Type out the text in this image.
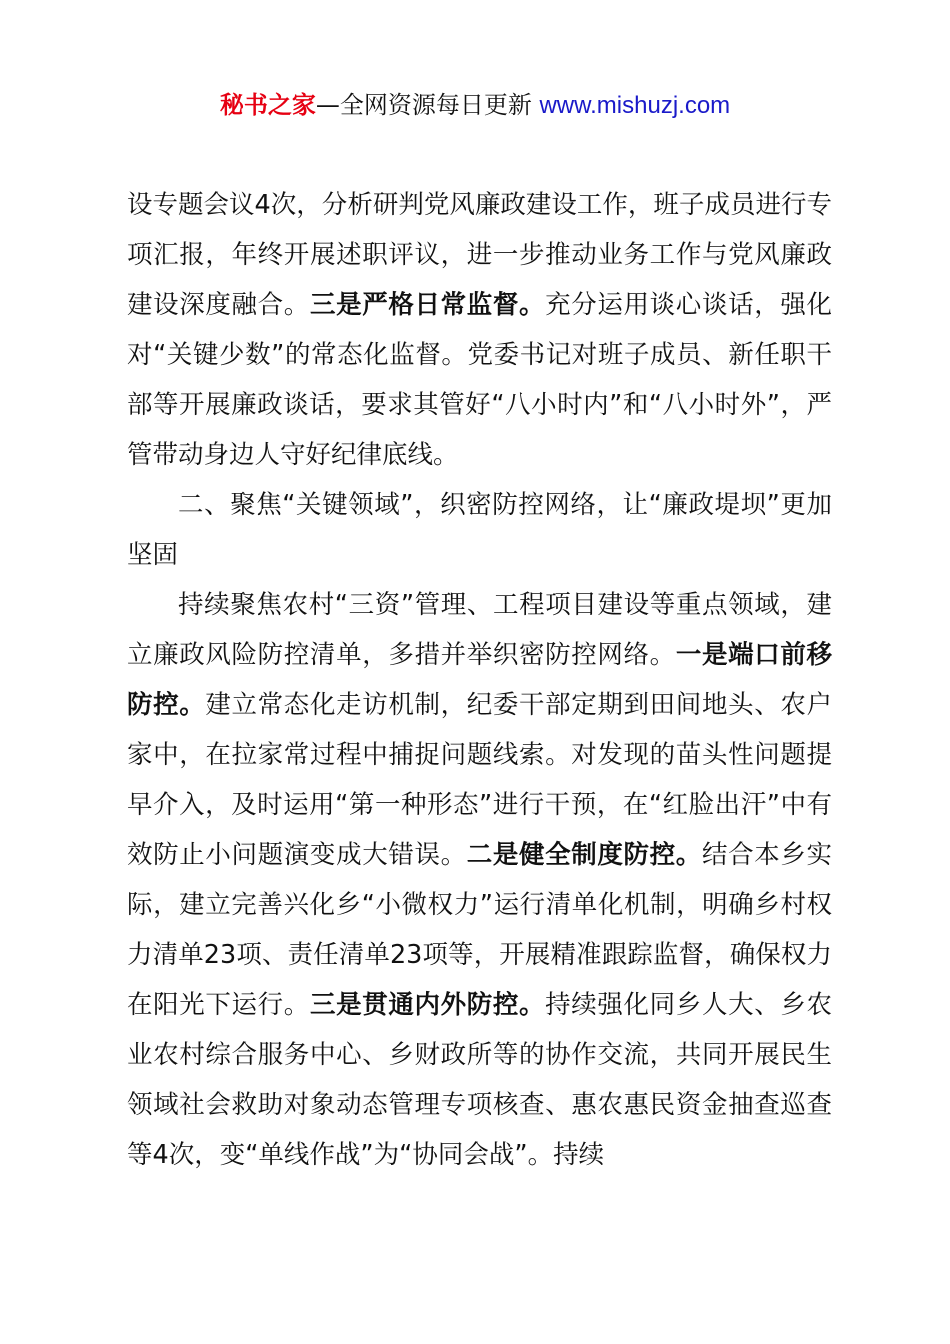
秘书之家—全网资源每日更新 www.mishuzj.com

设专题会议4次，分析研判党风廉政建设工作，班子成员进行专项汇报，年终开展述职评议，进一步推动业务工作与党风廉政建设深度融合。三是严格日常监督。充分运用谈心谈话，强化对“关键少数”的常态化监督。党委书记对班子成员、新任职干部等开展廉政谈话，要求其管好“八小时内”和“八小时外”，严管带动身边人守好纪律底线。

二、聚焦“关键领域”，织密防控网络，让“廉政堤坝”更加坚固

持续聚焦农村“三资”管理、工程项目建设等重点领域，建立廉政风险防控清单，多措并举织密防控网络。一是端口前移防控。建立常态化走访机制，纪委干部定期到田间地头、农户家中，在拉家常过程中捕捉问题线索。对发现的苗头性问题提早介入，及时运用“第一种形态”进行干预，在“红脸出汗”中有效防止小问题演变成大错误。二是健全制度防控。结合本乡实际，建立完善兴化乡“小微权力”运行清单化机制，明确乡村权力清单23项、责任清单23项等，开展精准跟踪监督，确保权力在阳光下运行。三是贯通内外防控。持续强化同乡人大、乡农业农村综合服务中心、乡财政所等的协作交流，共同开展民生领域社会救助对象动态管理专项核查、惠农惠民资金抽查巡查等4次，变“单线作战”为“协同会战”。持续
